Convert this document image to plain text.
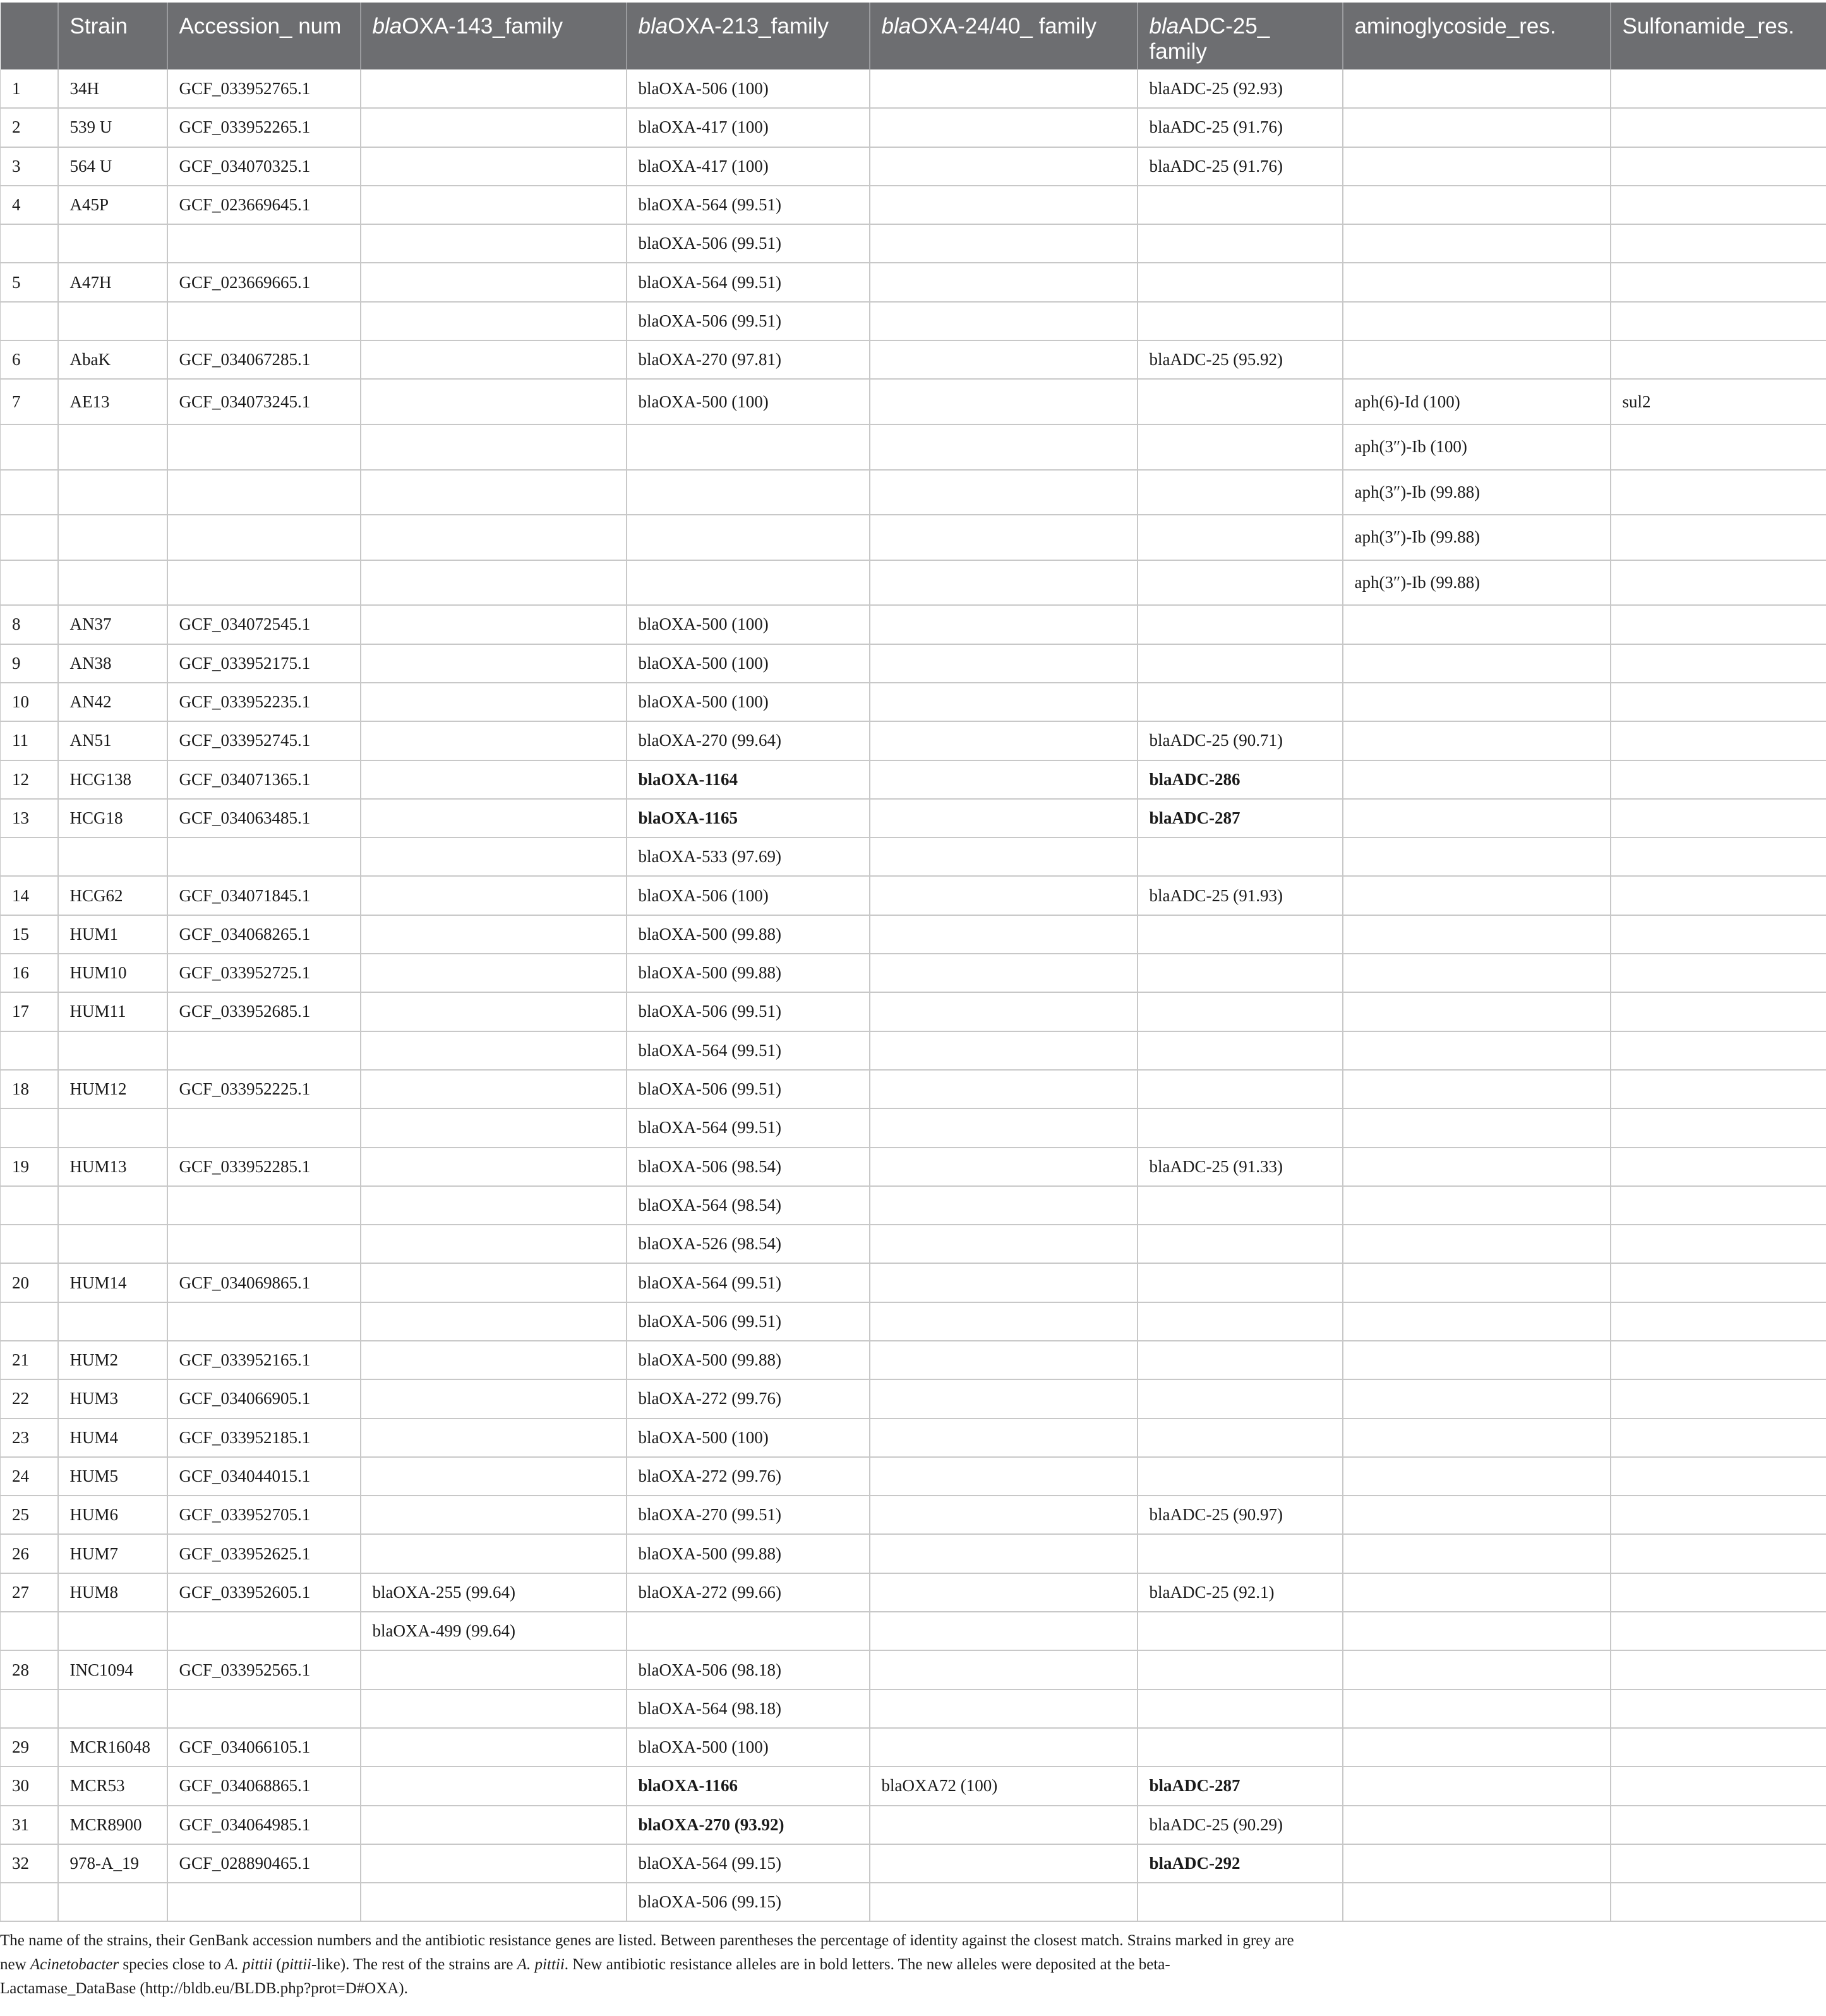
	Strain	Accession_ num	blaOXA-143_family	blaOXA-213_family	blaOXA-24/40_ family	blaADC-25_ family	aminoglycoside_res.	Sulfonamide_res.
1	34H	GCF_033952765.1		blaOXA-506 (100)		blaADC-25 (92.93)		
2	539 U	GCF_033952265.1		blaOXA-417 (100)		blaADC-25 (91.76)		
3	564 U	GCF_034070325.1		blaOXA-417 (100)		blaADC-25 (91.76)		
4	A45P	GCF_023669645.1		blaOXA-564 (99.51)				
				blaOXA-506 (99.51)				
5	A47H	GCF_023669665.1		blaOXA-564 (99.51)				
				blaOXA-506 (99.51)				
6	AbaK	GCF_034067285.1		blaOXA-270 (97.81)		blaADC-25 (95.92)		
7	AE13	GCF_034073245.1		blaOXA-500 (100)			aph(6)-Id (100)	sul2
							aph(3″)-Ib (100)	
							aph(3″)-Ib (99.88)	
							aph(3″)-Ib (99.88)	
							aph(3″)-Ib (99.88)	
8	AN37	GCF_034072545.1		blaOXA-500 (100)				
9	AN38	GCF_033952175.1		blaOXA-500 (100)				
10	AN42	GCF_033952235.1		blaOXA-500 (100)				
11	AN51	GCF_033952745.1		blaOXA-270 (99.64)		blaADC-25 (90.71)		
12	HCG138	GCF_034071365.1		blaOXA-1164		blaADC-286		
13	HCG18	GCF_034063485.1		blaOXA-1165		blaADC-287		
				blaOXA-533 (97.69)				
14	HCG62	GCF_034071845.1		blaOXA-506 (100)		blaADC-25 (91.93)		
15	HUM1	GCF_034068265.1		blaOXA-500 (99.88)				
16	HUM10	GCF_033952725.1		blaOXA-500 (99.88)				
17	HUM11	GCF_033952685.1		blaOXA-506 (99.51)				
				blaOXA-564 (99.51)				
18	HUM12	GCF_033952225.1		blaOXA-506 (99.51)				
				blaOXA-564 (99.51)				
19	HUM13	GCF_033952285.1		blaOXA-506 (98.54)		blaADC-25 (91.33)		
				blaOXA-564 (98.54)				
				blaOXA-526 (98.54)				
20	HUM14	GCF_034069865.1		blaOXA-564 (99.51)				
				blaOXA-506 (99.51)				
21	HUM2	GCF_033952165.1		blaOXA-500 (99.88)				
22	HUM3	GCF_034066905.1		blaOXA-272 (99.76)				
23	HUM4	GCF_033952185.1		blaOXA-500 (100)				
24	HUM5	GCF_034044015.1		blaOXA-272 (99.76)				
25	HUM6	GCF_033952705.1		blaOXA-270 (99.51)		blaADC-25 (90.97)		
26	HUM7	GCF_033952625.1		blaOXA-500 (99.88)				
27	HUM8	GCF_033952605.1	blaOXA-255 (99.64)	blaOXA-272 (99.66)		blaADC-25 (92.1)		
			blaOXA-499 (99.64)					
28	INC1094	GCF_033952565.1		blaOXA-506 (98.18)				
				blaOXA-564 (98.18)				
29	MCR16048	GCF_034066105.1		blaOXA-500 (100)				
30	MCR53	GCF_034068865.1		blaOXA-1166	blaOXA72 (100)	blaADC-287		
31	MCR8900	GCF_034064985.1		blaOXA-270 (93.92)		blaADC-25 (90.29)		
32	978-A_19	GCF_028890465.1		blaOXA-564 (99.15)		blaADC-292		
				blaOXA-506 (99.15)				

The name of the strains, their GenBank accession numbers and the antibiotic resistance genes are listed. Between parentheses the percentage of identity against the closest match. Strains marked in grey are new Acinetobacter species close to A. pittii (pittii-like). The rest of the strains are A. pittii. New antibiotic resistance alleles are in bold letters. The new alleles were deposited at the beta-Lactamase_DataBase (http://bldb.eu/BLDB.php?prot=D#OXA).
